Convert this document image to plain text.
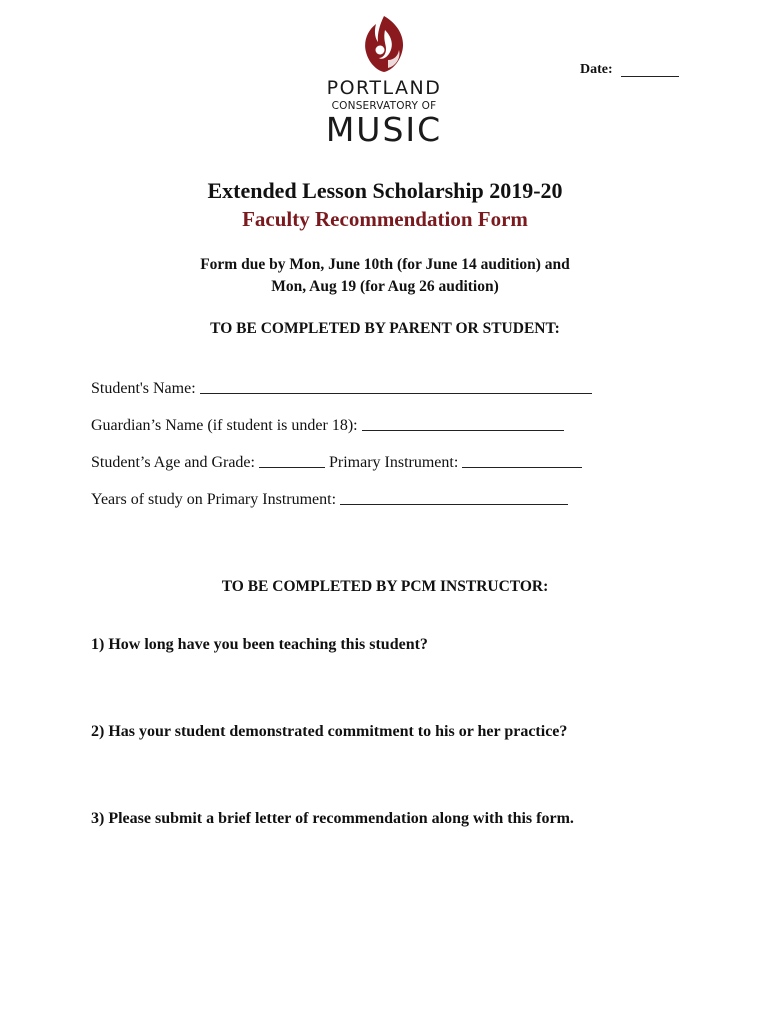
PORTLAND
CONSERVATORY OF
MUSIC
Date:
Extended Lesson Scholarship 2019-20
Faculty Recommendation Form
Form due by Mon, June 10th (for June 14 audition) and
Mon, Aug 19 (for Aug 26 audition)
TO BE COMPLETED BY PARENT OR STUDENT:
Student's Name:
Guardian’s Name (if student is under 18):
Student’s Age and Grade:	Primary Instrument:
Years of study on Primary Instrument:
TO BE COMPLETED BY PCM INSTRUCTOR:
1) How long have you been teaching this student?
2) Has your student demonstrated commitment to his or her practice?
3) Please submit a brief letter of recommendation along with this form.
